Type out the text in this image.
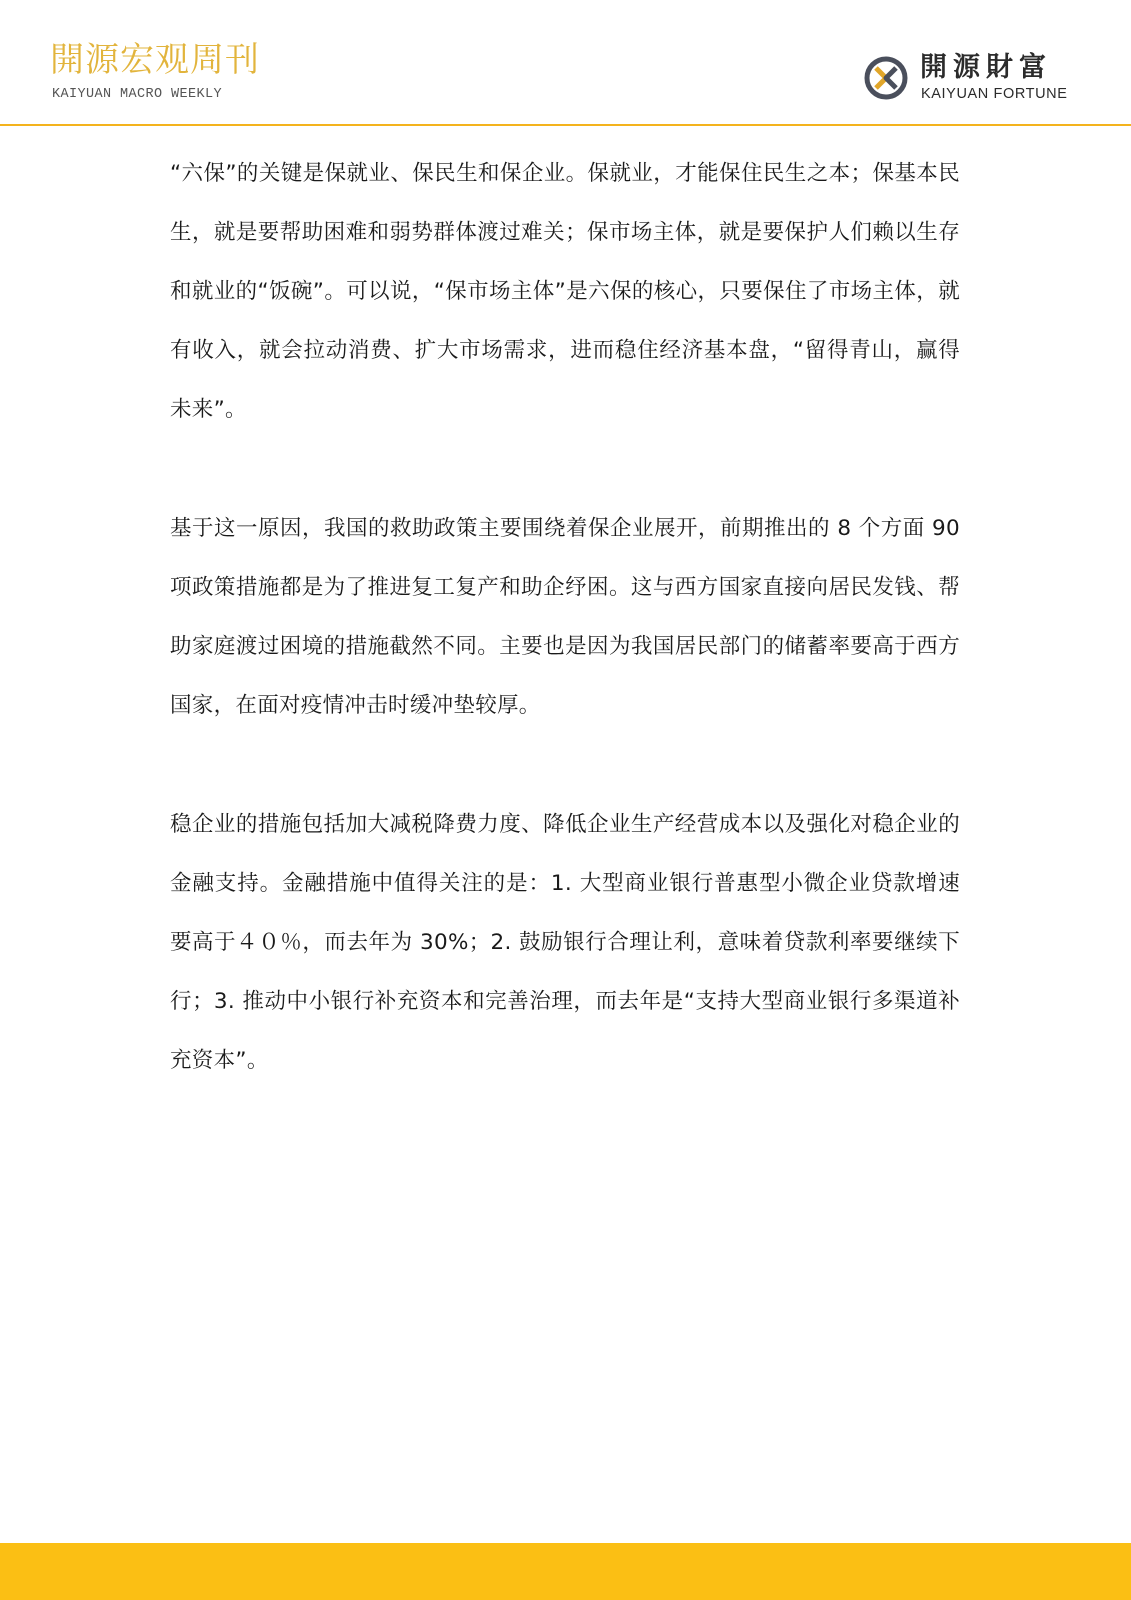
開源宏观周刊
KAIYUAN MACRO WEEKLY
開源財富
KAIYUAN FORTUNE

“六保”的关键是保就业、保民生和保企业。保就业，才能保住民生之本；保基本民生，就是要帮助困难和弱势群体渡过难关；保市场主体，就是要保护人们赖以生存和就业的“饭碗”。可以说，“保市场主体”是六保的核心，只要保住了市场主体，就有收入，就会拉动消费、扩大市场需求，进而稳住经济基本盘，“留得青山，赢得未来”。

基于这一原因，我国的救助政策主要围绕着保企业展开，前期推出的 8 个方面 90 项政策措施都是为了推进复工复产和助企纾困。这与西方国家直接向居民发钱、帮助家庭渡过困境的措施截然不同。主要也是因为我国居民部门的储蓄率要高于西方国家，在面对疫情冲击时缓冲垫较厚。

稳企业的措施包括加大减税降费力度、降低企业生产经营成本以及强化对稳企业的金融支持。金融措施中值得关注的是：1. 大型商业银行普惠型小微企业贷款增速要高于４０％，而去年为 30%；2. 鼓励银行合理让利，意味着贷款利率要继续下行；3. 推动中小银行补充资本和完善治理，而去年是“支持大型商业银行多渠道补充资本”。
